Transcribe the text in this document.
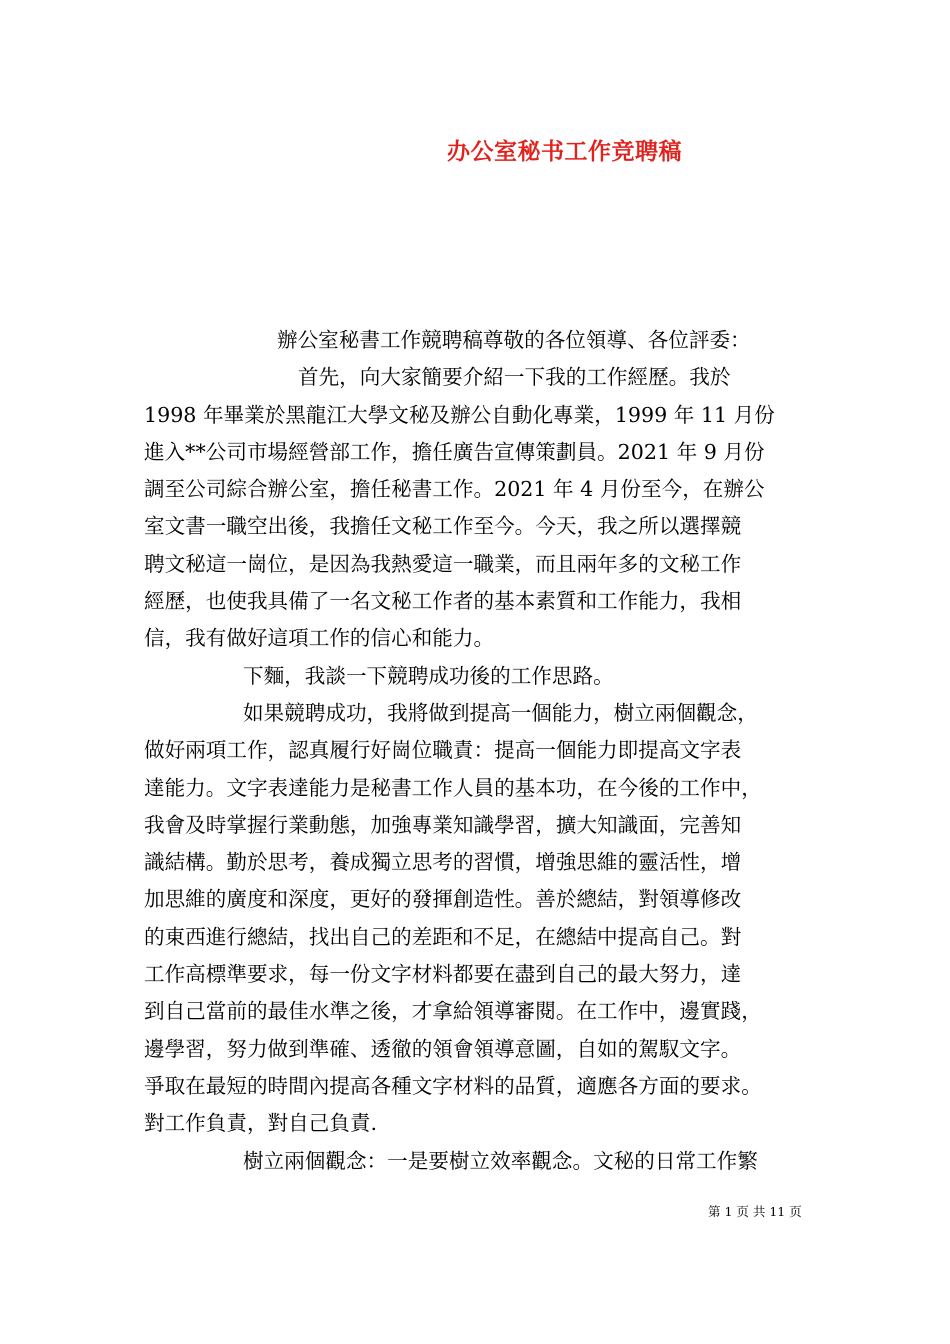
办公室秘书工作竞聘稿
辦公室秘書工作競聘稿尊敬的各位領導、各位評委：
首先，向大家簡要介紹一下我的工作經歷。我於
1998 年畢業於黑龍江大學文秘及辦公自動化專業，1999 年 11 月份
進入**公司市場經營部工作，擔任廣告宣傳策劃員。2021 年 9 月份
調至公司綜合辦公室，擔任秘書工作。2021 年 4 月份至今，在辦公
室文書一職空出後，我擔任文秘工作至今。今天，我之所以選擇競
聘文秘這一崗位，是因為我熱愛這一職業，而且兩年多的文秘工作
經歷，也使我具備了一名文秘工作者的基本素質和工作能力，我相
信，我有做好這項工作的信心和能力。
下麵，我談一下競聘成功後的工作思路。
如果競聘成功，我將做到提高一個能力，樹立兩個觀念，
做好兩項工作，認真履行好崗位職責：提高一個能力即提高文字表
達能力。文字表達能力是秘書工作人員的基本功，在今後的工作中，
我會及時掌握行業動態，加強專業知識學習，擴大知識面，完善知
識結構。勤於思考，養成獨立思考的習慣，增強思維的靈活性，增
加思維的廣度和深度，更好的發揮創造性。善於總結，對領導修改
的東西進行總結，找出自己的差距和不足，在總結中提高自己。對
工作高標準要求，每一份文字材料都要在盡到自己的最大努力，達
到自己當前的最佳水準之後，才拿給領導審閱。在工作中，邊實踐，
邊學習，努力做到準確、透徹的領會領導意圖，自如的駕馭文字。
爭取在最短的時間內提高各種文字材料的品質，適應各方面的要求。
對工作負責，對自己負責.
樹立兩個觀念：一是要樹立效率觀念。文秘的日常工作繁
第 1 页 共 11 页
